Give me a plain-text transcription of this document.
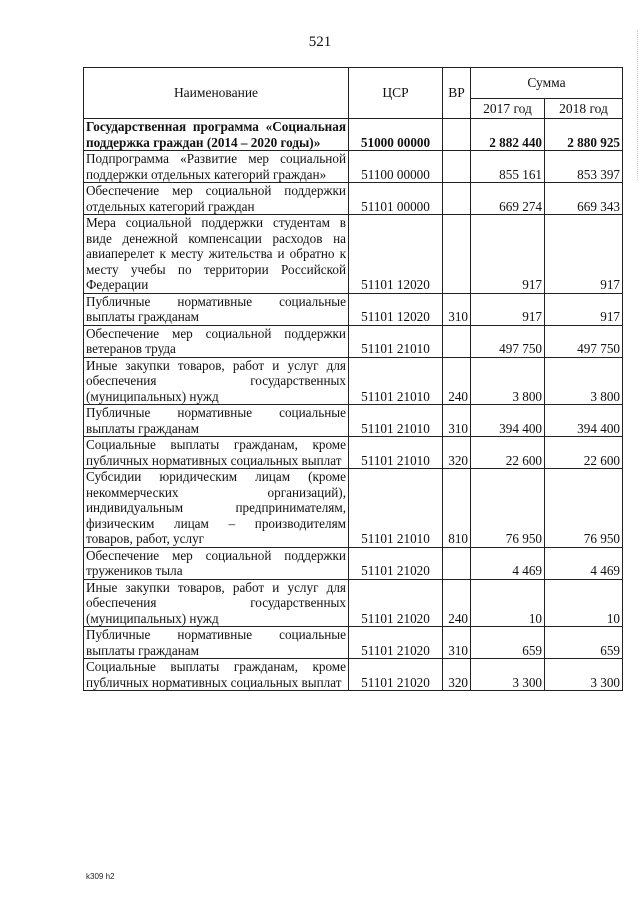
521
Наименование	ЦСР	ВР	Сумма	
			2017 год	2018 год
Государственная программа «Социальная поддержка граждан (2014 – 2020 годы)»	51000 00000		2 882 440	2 880 925
Подпрограмма «Развитие мер социальной поддержки отдельных категорий граждан»	51100 00000		855 161	853 397
Обеспечение мер социальной поддержки отдельных категорий граждан	51101 00000		669 274	669 343
Мера социальной поддержки студентам в виде денежной компенсации расходов на авиаперелет к месту жительства и обратно к месту учебы по территории Российской Федерации	51101 12020		917	917
Публичные нормативные социальные выплаты гражданам	51101 12020	310	917	917
Обеспечение мер социальной поддержки ветеранов труда	51101 21010		497 750	497 750
Иные закупки товаров, работ и услуг для обеспечения государственных (муниципальных) нужд	51101 21010	240	3 800	3 800
Публичные нормативные социальные выплаты гражданам	51101 21010	310	394 400	394 400
Социальные выплаты гражданам, кроме публичных нормативных социальных выплат	51101 21010	320	22 600	22 600
Субсидии юридическим лицам (кроме некоммерческих организаций), индивидуальным предпринимателям, физическим лицам – производителям товаров, работ, услуг	51101 21010	810	76 950	76 950
Обеспечение мер социальной поддержки тружеников тыла	51101 21020		4 469	4 469
Иные закупки товаров, работ и услуг для обеспечения государственных (муниципальных) нужд	51101 21020	240	10	10
Публичные нормативные социальные выплаты гражданам	51101 21020	310	659	659
Социальные выплаты гражданам, кроме публичных нормативных социальных выплат	51101 21020	320	3 300	3 300
k309 h2
